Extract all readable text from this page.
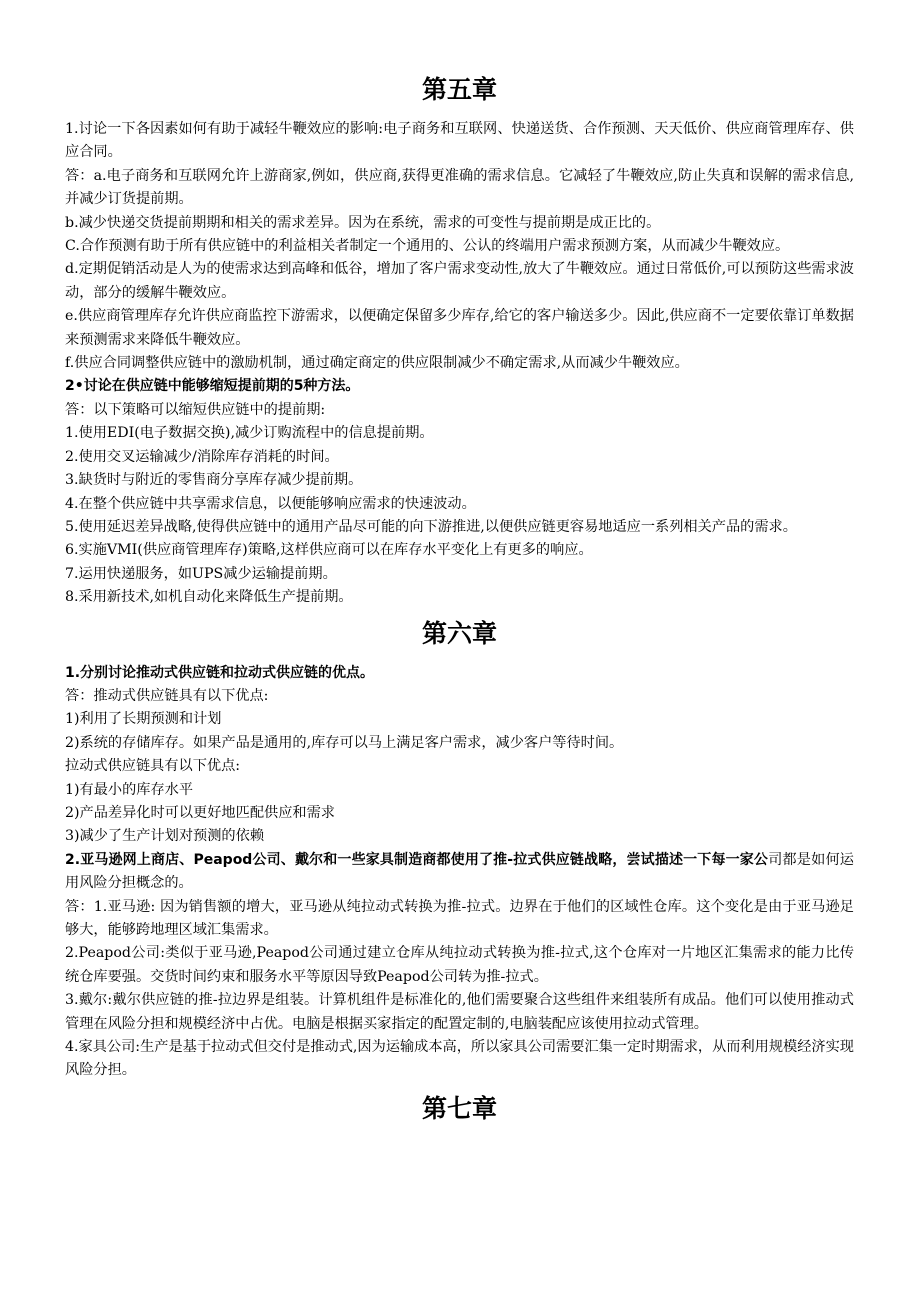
第五章

1.讨论一下各因素如何有助于减轻牛鞭效应的影响:电子商务和互联网、快递送货、合作预测、天天低价、供应商管理库存、供应合同。

答：a.电子商务和互联网允许上游商家,例如，供应商,获得更准确的需求信息。它减轻了牛鞭效应,防止失真和误解的需求信息,并减少订货提前期。

b.减少快递交货提前期期和相关的需求差异。因为在系统，需求的可变性与提前期是成正比的。

C.合作预测有助于所有供应链中的利益相关者制定一个通用的、公认的终端用户需求预测方案，从而减少牛鞭效应。

d.定期促销活动是人为的使需求达到高峰和低谷，增加了客户需求变动性,放大了牛鞭效应。通过日常低价,可以预防这些需求波动，部分的缓解牛鞭效应。

e.供应商管理库存允许供应商监控下游需求，以便确定保留多少库存,给它的客户输送多少。因此,供应商不一定要依靠订单数据来预测需求来降低牛鞭效应。

f.供应合同调整供应链中的激励机制，通过确定商定的供应限制减少不确定需求,从而减少牛鞭效应。

2•讨论在供应链中能够缩短提前期的5种方法。

答：以下策略可以缩短供应链中的提前期:

1.使用EDI(电子数据交换),减少订购流程中的信息提前期。

2.使用交叉运输减少/消除库存消耗的时间。

3.缺货时与附近的零售商分享库存减少提前期。

4.在整个供应链中共享需求信息，以便能够响应需求的快速波动。

5.使用延迟差异战略,使得供应链中的通用产品尽可能的向下游推进,以便供应链更容易地适应一系列相关产品的需求。

6.实施VMI(供应商管理库存)策略,这样供应商可以在库存水平变化上有更多的响应。

7.运用快递服务，如UPS减少运输提前期。

8.采用新技术,如机自动化来降低生产提前期。

第六章

1.分别讨论推动式供应链和拉动式供应链的优点。

答：推动式供应链具有以下优点:

1)利用了长期预测和计划

2)系统的存储库存。如果产品是通用的,库存可以马上满足客户需求，减少客户等待时间。

拉动式供应链具有以下优点:

1)有最小的库存水平

2)产品差异化时可以更好地匹配供应和需求

3)减少了生产计划对预测的依赖

2.亚马逊网上商店、Peapod公司、戴尔和一些家具制造商都使用了推-拉式供应链战略，尝试描述一下每一家公司都是如何运用风险分担概念的。

答：1.亚马逊: 因为销售额的增大，亚马逊从纯拉动式转换为推-拉式。边界在于他们的区域性仓库。这个变化是由于亚马逊足够大，能够跨地理区域汇集需求。

2.Peapod公司:类似于亚马逊,Peapod公司通过建立仓库从纯拉动式转换为推-拉式,这个仓库对一片地区汇集需求的能力比传统仓库要强。交货时间约束和服务水平等原因导致Peapod公司转为推-拉式。

3.戴尔:戴尔供应链的推-拉边界是组装。计算机组件是标准化的,他们需要聚合这些组件来组装所有成品。他们可以使用推动式管理在风险分担和规模经济中占优。电脑是根据买家指定的配置定制的,电脑装配应该使用拉动式管理。

4.家具公司:生产是基于拉动式但交付是推动式,因为运输成本高，所以家具公司需要汇集一定时期需求，从而利用规模经济实现风险分担。

第七章
